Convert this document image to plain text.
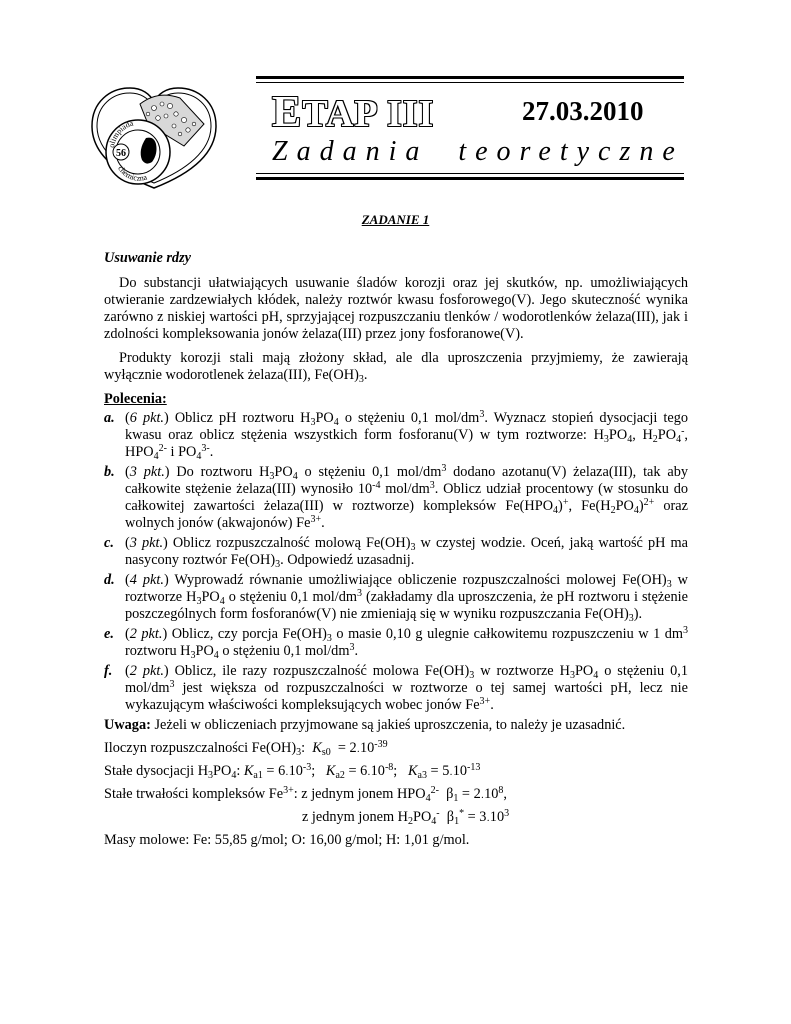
56
olimpiada
chemiczna
ETAP III	27.03.2010
Zadania teoretyczne
ZADANIE 1

Usuwanie rdzy

Do substancji ułatwiających usuwanie śladów korozji oraz jej skutków, np. umożliwiających otwieranie zardzewiałych kłódek, należy roztwór kwasu fosforowego(V). Jego skuteczność wynika zarówno z niskiej wartości pH, sprzyjającej rozpuszczaniu tlenków / wodorotlenków żelaza(III), jak i zdolności kompleksowania jonów żelaza(III) przez jony fosforanowe(V).

Produkty korozji stali mają złożony skład, ale dla uproszczenia przyjmiemy, że zawierają wyłącznie wodorotlenek żelaza(III), $Fe(OH)_3$.

Polecenia:

a. (6 pkt.) Oblicz pH roztworu $H_3PO_4$ o stężeniu 0,1 mol/$dm^3$. Wyznacz stopień dysocjacji tego kwasu oraz oblicz stężenia wszystkich form fosforanu(V) w tym roztworze: $H_3PO_4$, $H_2PO_4^-$, $HPO_4^{2-}$ i $PO_4^{3-}$.

b. (3 pkt.) Do roztworu $H_3PO_4$ o stężeniu 0,1 mol/$dm^3$ dodano azotanu(V) żelaza(III), tak aby całkowite stężenie żelaza(III) wynosiło $10^{-4}$ mol/$dm^3$. Oblicz udział procentowy (w stosunku do całkowitej zawartości żelaza(III) w roztworze) kompleksów $Fe(HPO_4)^+$, $Fe(H_2PO_4)^{2+}$ oraz wolnych jonów (akwajonów) $Fe^{3+}$.

c. (3 pkt.) Oblicz rozpuszczalność molową $Fe(OH)_3$ w czystej wodzie. Oceń, jaką wartość pH ma nasycony roztwór $Fe(OH)_3$. Odpowiedź uzasadnij.

d. (4 pkt.) Wyprowadź równanie umożliwiające obliczenie rozpuszczalności molowej $Fe(OH)_3$ w roztworze $H_3PO_4$ o stężeniu 0,1 mol/$dm^3$ (zakładamy dla uproszczenia, że pH roztworu i stężenie poszczególnych form fosforanów(V) nie zmieniają się w wyniku rozpuszczania $Fe(OH)_3$).

e. (2 pkt.) Oblicz, czy porcja $Fe(OH)_3$ o masie 0,10 g ulegnie całkowitemu rozpuszczeniu w 1 $dm^3$ roztworu $H_3PO_4$ o stężeniu 0,1 mol/$dm^3$.

f. (2 pkt.) Oblicz, ile razy rozpuszczalność molowa $Fe(OH)_3$ w roztworze $H_3PO_4$ o stężeniu 0,1 mol/$dm^3$ jest większa od rozpuszczalności w roztworze o tej samej wartości pH, lecz nie wykazującym właściwości kompleksujących wobec jonów $Fe^{3+}$.

Uwaga: Jeżeli w obliczeniach przyjmowane są jakieś uproszczenia, to należy je uzasadnić.

Iloczyn rozpuszczalności $Fe(OH)_3$:  $K_{s0} = 2_\cdot 10^{-39}$

Stałe dysocjacji $H_3PO_4$: $K_{a1} = 6_\cdot 10^{-3}$;   $K_{a2} = 6_\cdot 10^{-8}$;   $K_{a3} = 5_\cdot 10^{-13}$

Stałe trwałości kompleksów $Fe^{3+}$: z jednym jonem $HPO_4^{2-}$  $\beta_1 = 2_\cdot 10^8$,

z jednym jonem $H_2PO_4^-$  $\beta_1^* = 3_\cdot 10^3$

Masy molowe: Fe: 55,85 g/mol; O: 16,00 g/mol; H: 1,01 g/mol.
